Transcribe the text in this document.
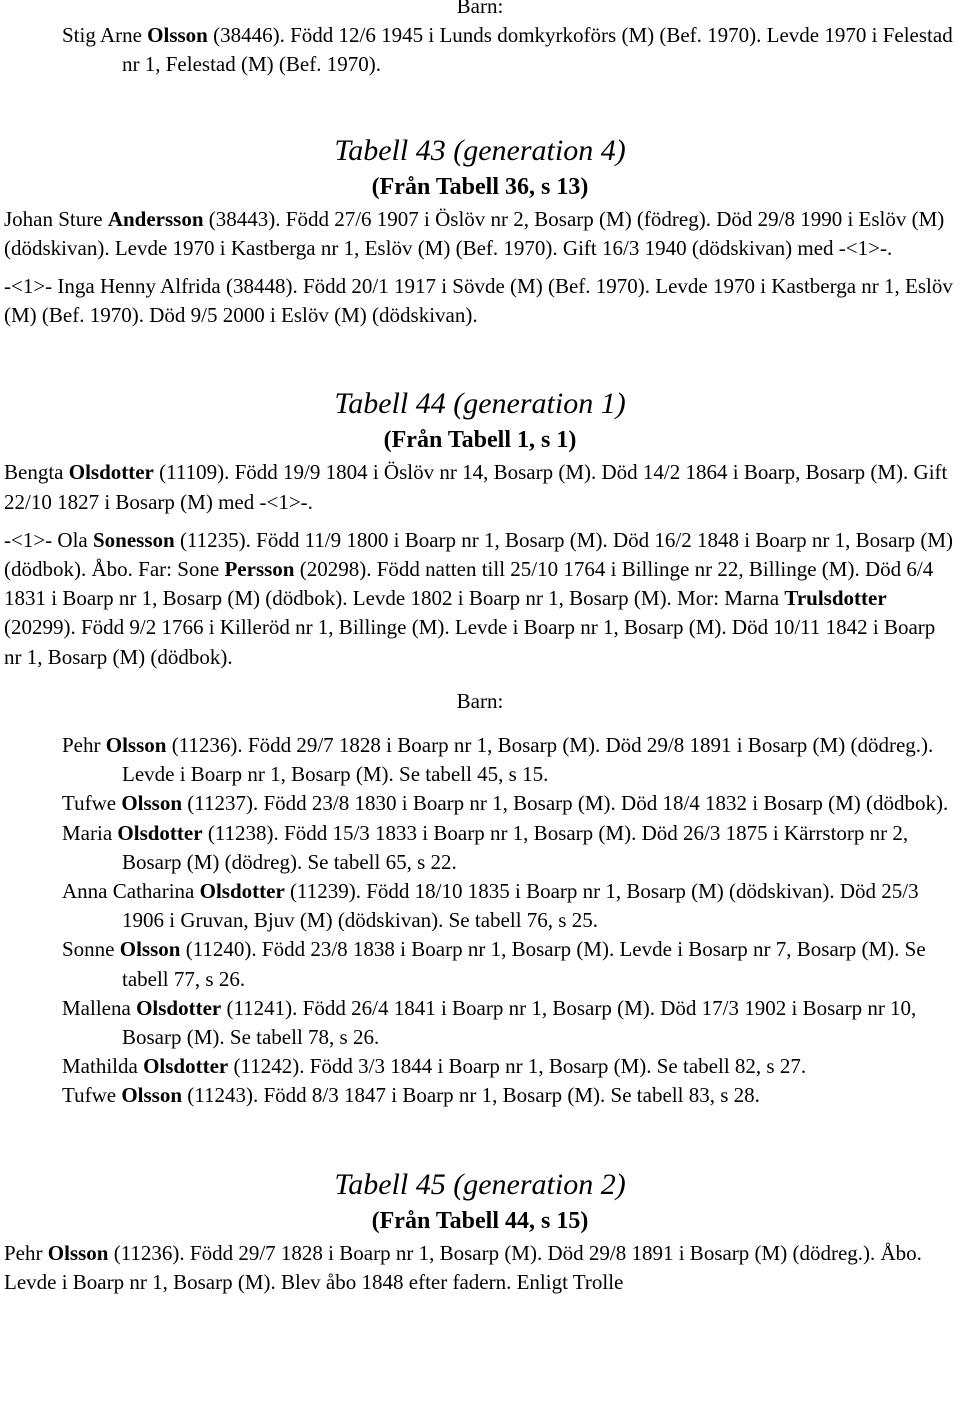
Barn:

Stig Arne Olsson (38446). Född 12/6 1945 i Lunds domkyrkoförs (M) (Bef. 1970). Levde 1970 i Felestad nr 1, Felestad (M) (Bef. 1970).

Tabell 43 (generation 4)
(Från Tabell 36, s 13)

Johan Sture Andersson (38443). Född 27/6 1907 i Öslöv nr 2, Bosarp (M) (födreg). Död 29/8 1990 i Eslöv (M) (dödskivan). Levde 1970 i Kastberga nr 1, Eslöv (M) (Bef. 1970). Gift 16/3 1940 (dödskivan) med -<1>-.

-<1>- Inga Henny Alfrida (38448). Född 20/1 1917 i Sövde (M) (Bef. 1970). Levde 1970 i Kastberga nr 1, Eslöv (M) (Bef. 1970). Död 9/5 2000 i Eslöv (M) (dödskivan).

Tabell 44 (generation 1)
(Från Tabell 1, s 1)

Bengta Olsdotter (11109). Född 19/9 1804 i Öslöv nr 14, Bosarp (M). Död 14/2 1864 i Boarp, Bosarp (M). Gift 22/10 1827 i Bosarp (M) med -<1>-.

-<1>- Ola Sonesson (11235). Född 11/9 1800 i Boarp nr 1, Bosarp (M). Död 16/2 1848 i Boarp nr 1, Bosarp (M) (dödbok). Åbo. Far: Sone Persson (20298). Född natten till 25/10 1764 i Billinge nr 22, Billinge (M). Död 6/4 1831 i Boarp nr 1, Bosarp (M) (dödbok). Levde 1802 i Boarp nr 1, Bosarp (M). Mor: Marna Trulsdotter (20299). Född 9/2 1766 i Killeröd nr 1, Billinge (M). Levde i Boarp nr 1, Bosarp (M). Död 10/11 1842 i Boarp nr 1, Bosarp (M) (dödbok).

Barn:

Pehr Olsson (11236). Född 29/7 1828 i Boarp nr 1, Bosarp (M). Död 29/8 1891 i Bosarp (M) (dödreg.). Levde i Boarp nr 1, Bosarp (M). Se tabell 45, s 15.

Tufwe Olsson (11237). Född 23/8 1830 i Boarp nr 1, Bosarp (M). Död 18/4 1832 i Bosarp (M) (dödbok).

Maria Olsdotter (11238). Född 15/3 1833 i Boarp nr 1, Bosarp (M). Död 26/3 1875 i Kärrstorp nr 2, Bosarp (M) (dödreg). Se tabell 65, s 22.

Anna Catharina Olsdotter (11239). Född 18/10 1835 i Boarp nr 1, Bosarp (M) (dödskivan). Död 25/3 1906 i Gruvan, Bjuv (M) (dödskivan). Se tabell 76, s 25.

Sonne Olsson (11240). Född 23/8 1838 i Boarp nr 1, Bosarp (M). Levde i Bosarp nr 7, Bosarp (M). Se tabell 77, s 26.

Mallena Olsdotter (11241). Född 26/4 1841 i Boarp nr 1, Bosarp (M). Död 17/3 1902 i Bosarp nr 10, Bosarp (M). Se tabell 78, s 26.

Mathilda Olsdotter (11242). Född 3/3 1844 i Boarp nr 1, Bosarp (M). Se tabell 82, s 27.

Tufwe Olsson (11243). Född 8/3 1847 i Boarp nr 1, Bosarp (M). Se tabell 83, s 28.

Tabell 45 (generation 2)
(Från Tabell 44, s 15)

Pehr Olsson (11236). Född 29/7 1828 i Boarp nr 1, Bosarp (M). Död 29/8 1891 i Bosarp (M) (dödreg.). Åbo. Levde i Boarp nr 1, Bosarp (M). Blev åbo 1848 efter fadern. Enligt Trolle
